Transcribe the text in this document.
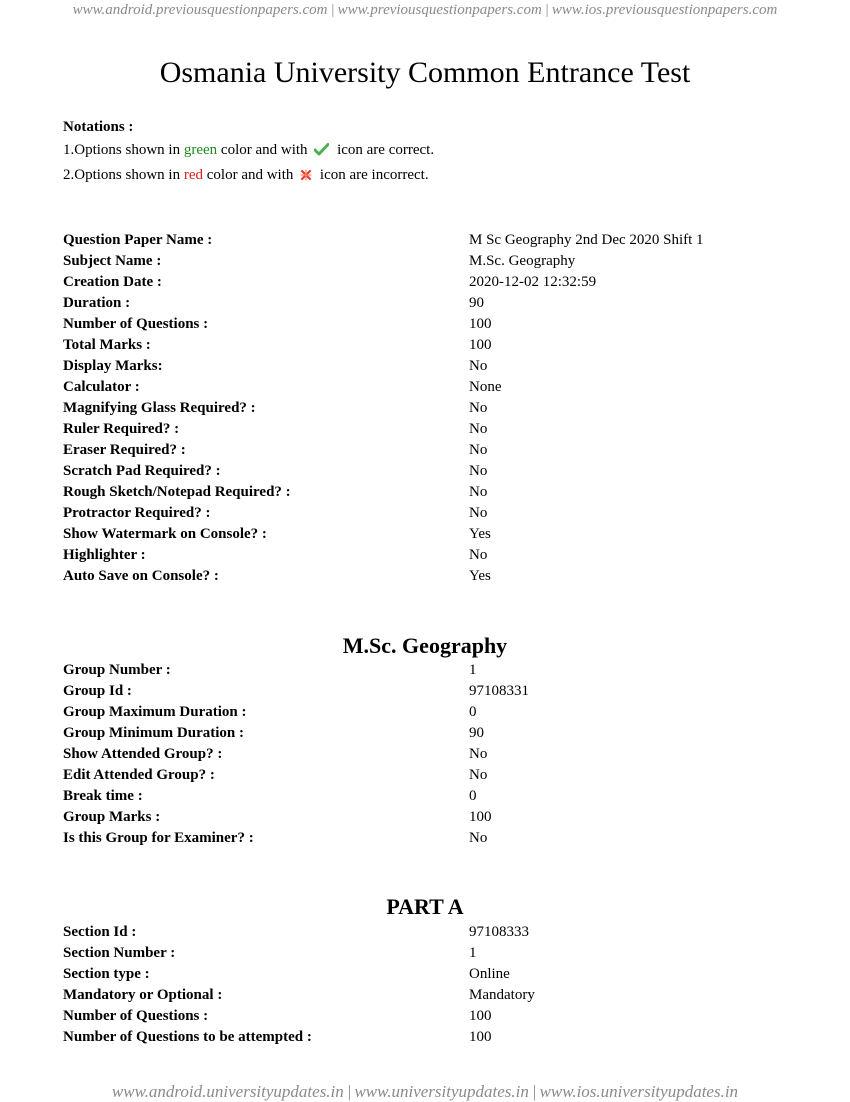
www.android.previousquestionpapers.com | www.previousquestionpapers.com | www.ios.previousquestionpapers.com
Osmania University Common Entrance Test
Notations :
1.Options shown in green color and with  icon are correct.
2.Options shown in red color and with  icon are incorrect.
Question Paper Name :	M Sc Geography 2nd Dec 2020 Shift 1
Subject Name :	M.Sc. Geography
Creation Date :	2020-12-02 12:32:59
Duration :	90
Number of Questions :	100
Total Marks :	100
Display Marks:	No
Calculator :	None
Magnifying Glass Required? :	No
Ruler Required? :	No
Eraser Required? :	No
Scratch Pad Required? :	No
Rough Sketch/Notepad Required? :	No
Protractor Required? :	No
Show Watermark on Console? :	Yes
Highlighter :	No
Auto Save on Console? :	Yes
M.Sc. Geography
Group Number :	1
Group Id :	97108331
Group Maximum Duration :	0
Group Minimum Duration :	90
Show Attended Group? :	No
Edit Attended Group? :	No
Break time :	0
Group Marks :	100
Is this Group for Examiner? :	No
PART A
Section Id :	97108333
Section Number :	1
Section type :	Online
Mandatory or Optional :	Mandatory
Number of Questions :	100
Number of Questions to be attempted :	100
www.android.universityupdates.in | www.universityupdates.in | www.ios.universityupdates.in
